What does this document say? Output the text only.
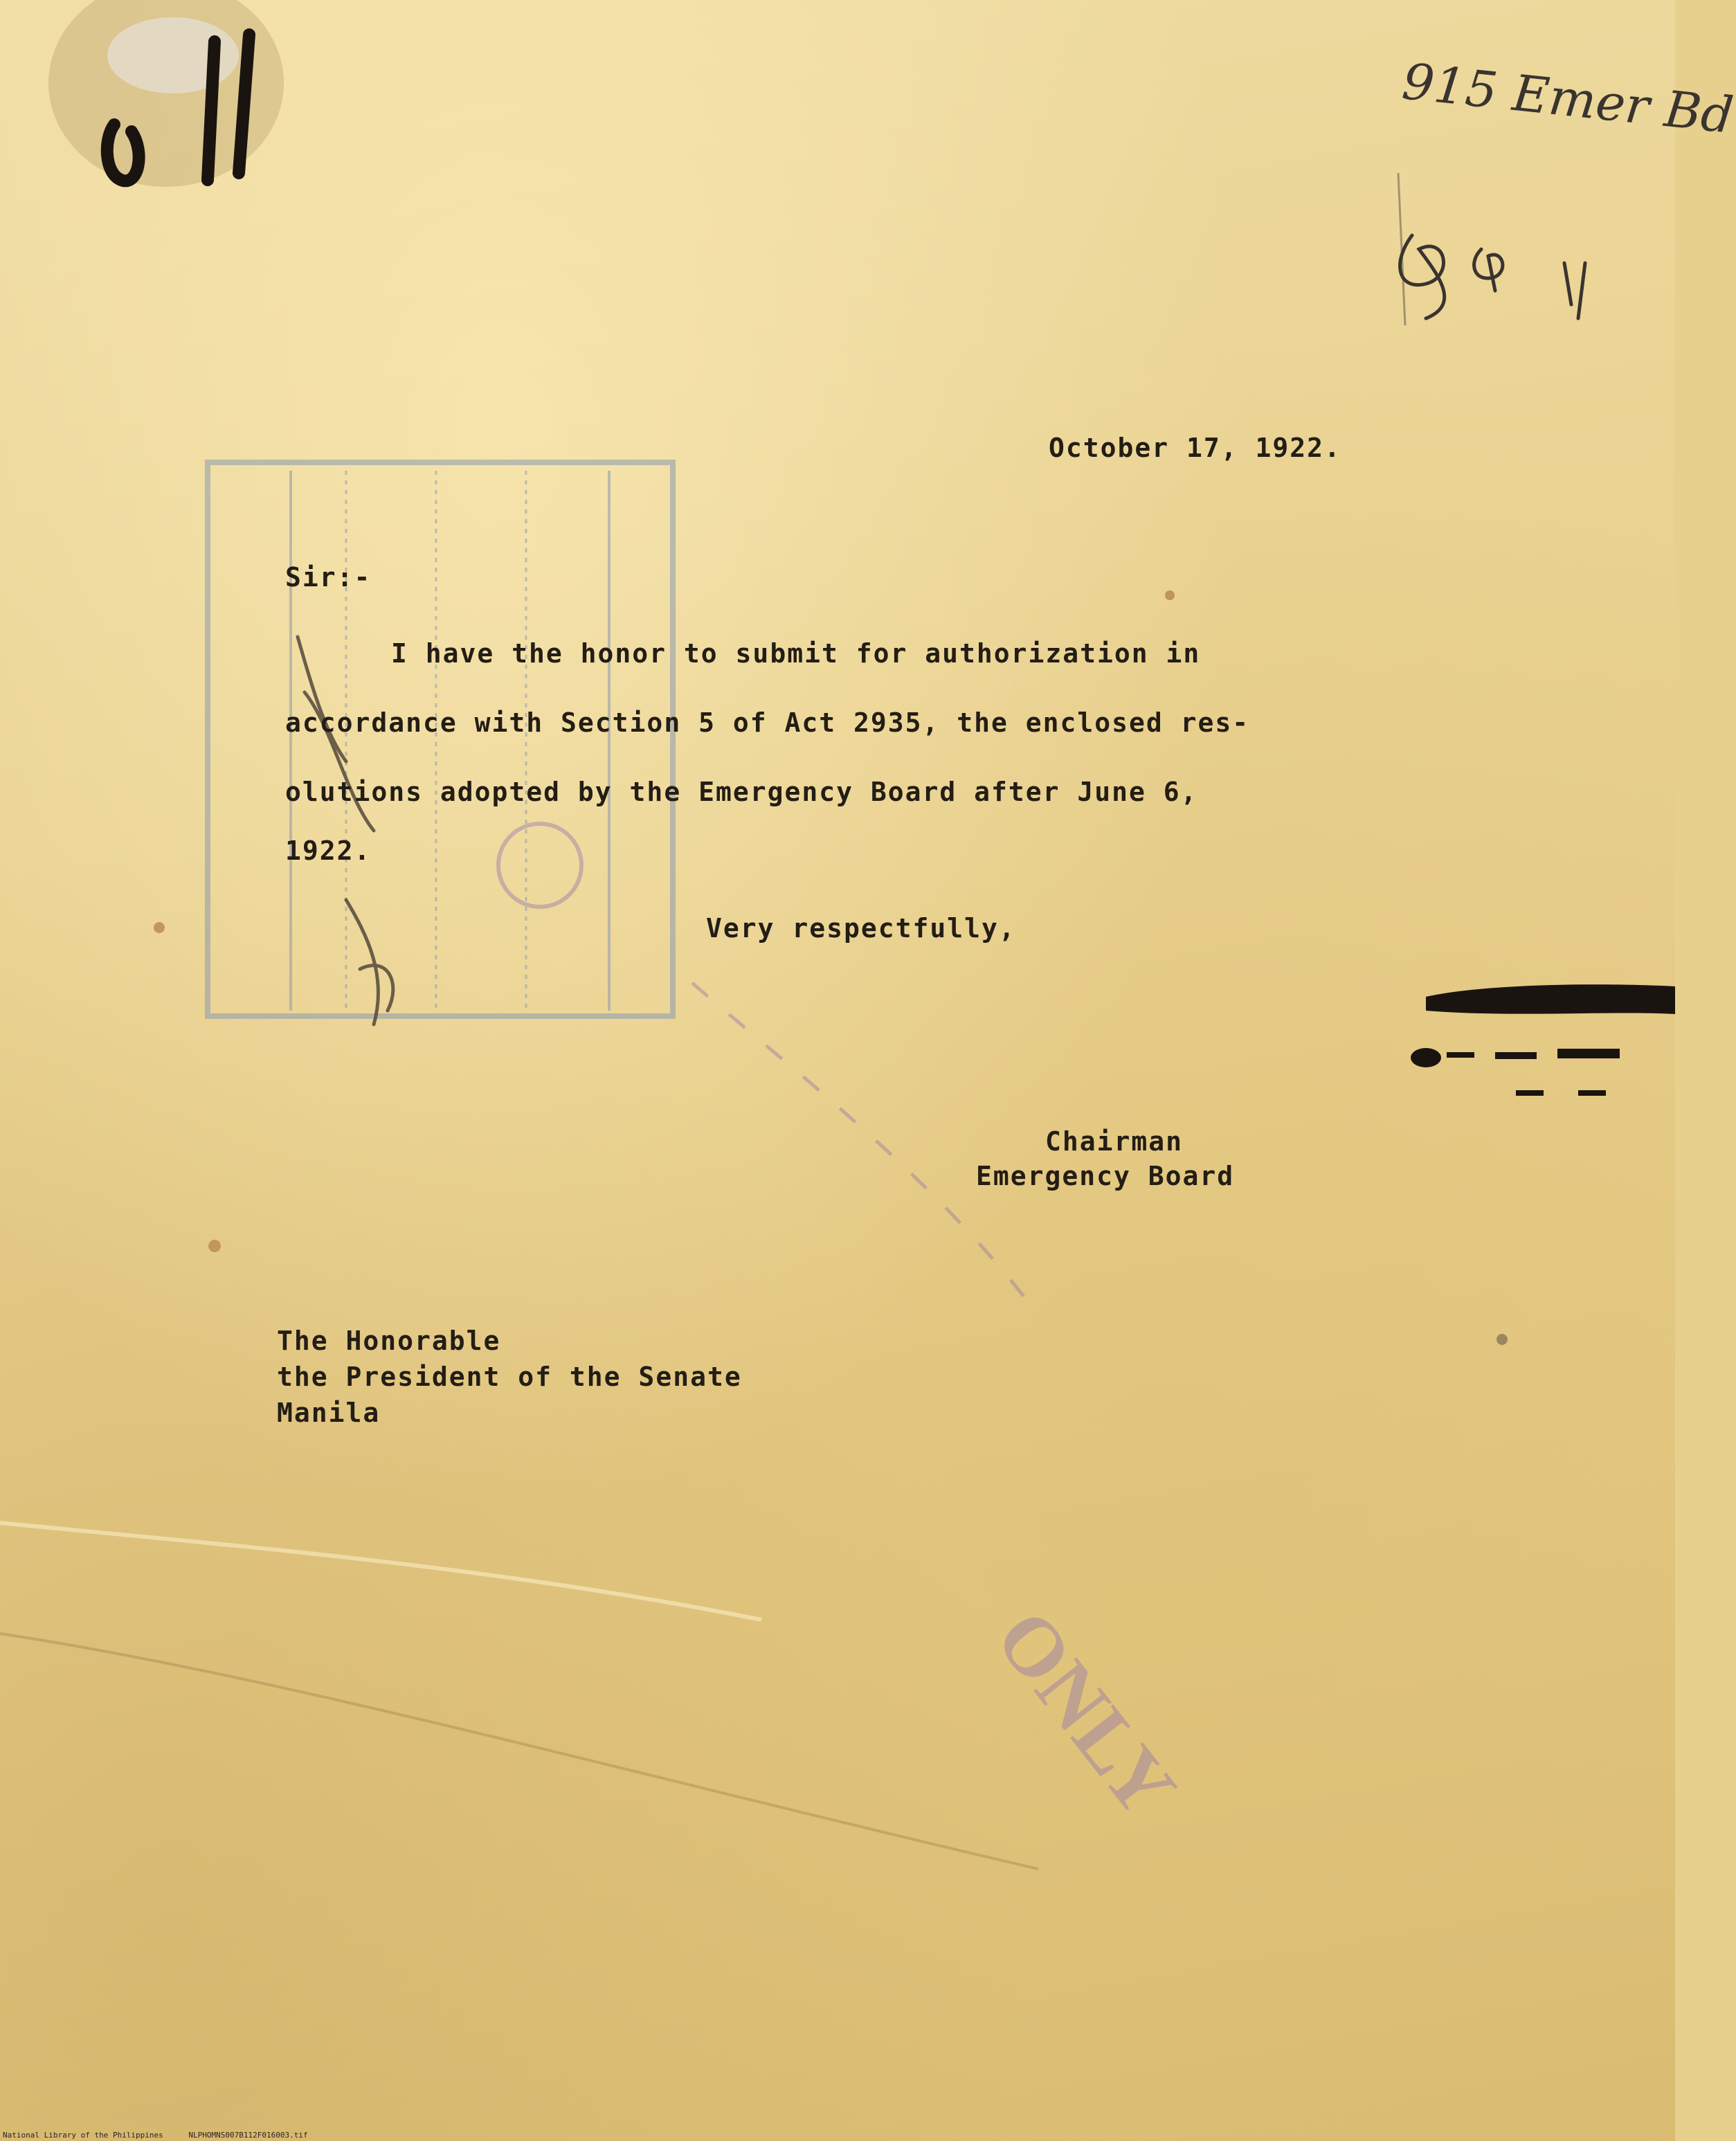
ONLY
915 Emer Bd
October 17, 1922.
Sir:-
I have the honor to submit for authorization in
accordance with Section 5 of Act 2935, the enclosed res-
olutions adopted by the Emergency Board after June 6,
1922.
Very respectfully,
Chairman
Emergency Board
The Honorable
the President of the Senate
Manila
National Library of the Philippines	NLPHOMNS007B112F016003.tif
